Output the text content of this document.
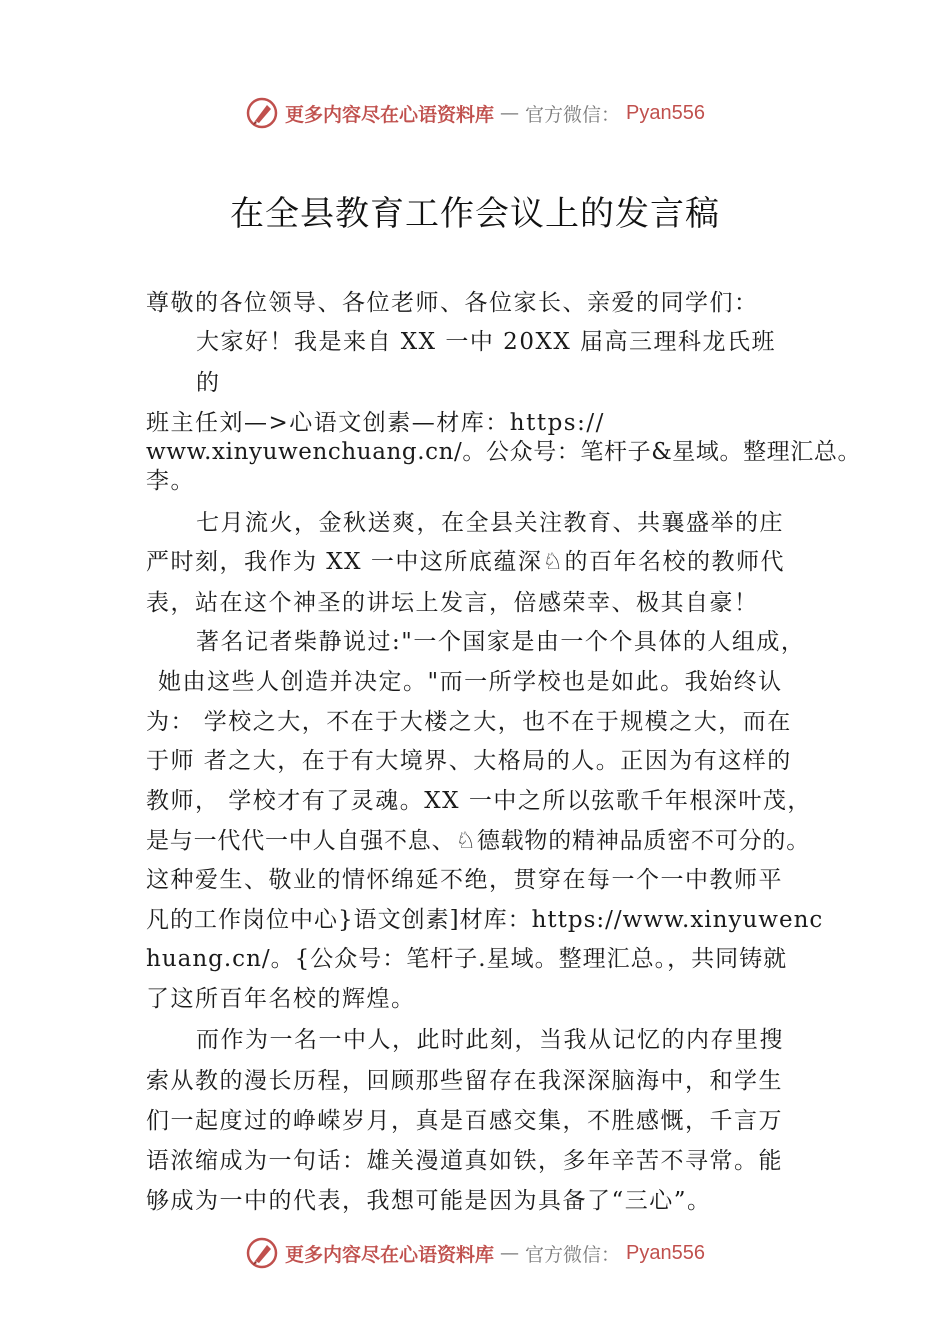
更多内容尽在心语资料库 — 官方微信： Pyan556
在全县教育工作会议上的发言稿
尊敬的各位领导、各位老师、各位家长、亲爱的同学们：
大家好！我是来自 XX 一中 20XX 届高三理科龙氏班
的
班主任刘—>心语文创素—材库：https://
www.xinyuwenchuang.cn/。公众号：笔杆子&星域。整理汇总。
李。
七月流火，金秋送爽，在全县关注教育、共襄盛举的庄
严时刻，我作为 XX 一中这所底蕴深♘的百年名校的教师代
表，站在这个神圣的讲坛上发言，倍感荣幸、极其自豪！
著名记者柴静说过:"一个国家是由一个个具体的人组成，
她由这些人创造并决定。"而一所学校也是如此。我始终认
为： 学校之大，不在于大楼之大，也不在于规模之大，而在
于师 者之大，在于有大境界、大格局的人。正因为有这样的
教师， 学校才有了灵魂。XX 一中之所以弦歌千年根深叶茂，
是与一代代一中人自强不息、♘德载物的精神品质密不可分的。
这种爱生、敬业的情怀绵延不绝，贯穿在每一个一中教师平
凡的工作岗位中心}语文创素]材库：https://www.xinyuwenc
huang.cn/。{公众号：笔杆子.星域。整理汇总。，共同铸就
了这所百年名校的辉煌。
而作为一名一中人，此时此刻，当我从记忆的内存里搜
索从教的漫长历程，回顾那些留存在我深深脑海中，和学生
们一起度过的峥嵘岁月，真是百感交集，不胜感慨，千言万
语浓缩成为一句话：雄关漫道真如铁，多年辛苦不寻常。能
够成为一中的代表，我想可能是因为具备了“三心”。
更多内容尽在心语资料库 — 官方微信： Pyan556
